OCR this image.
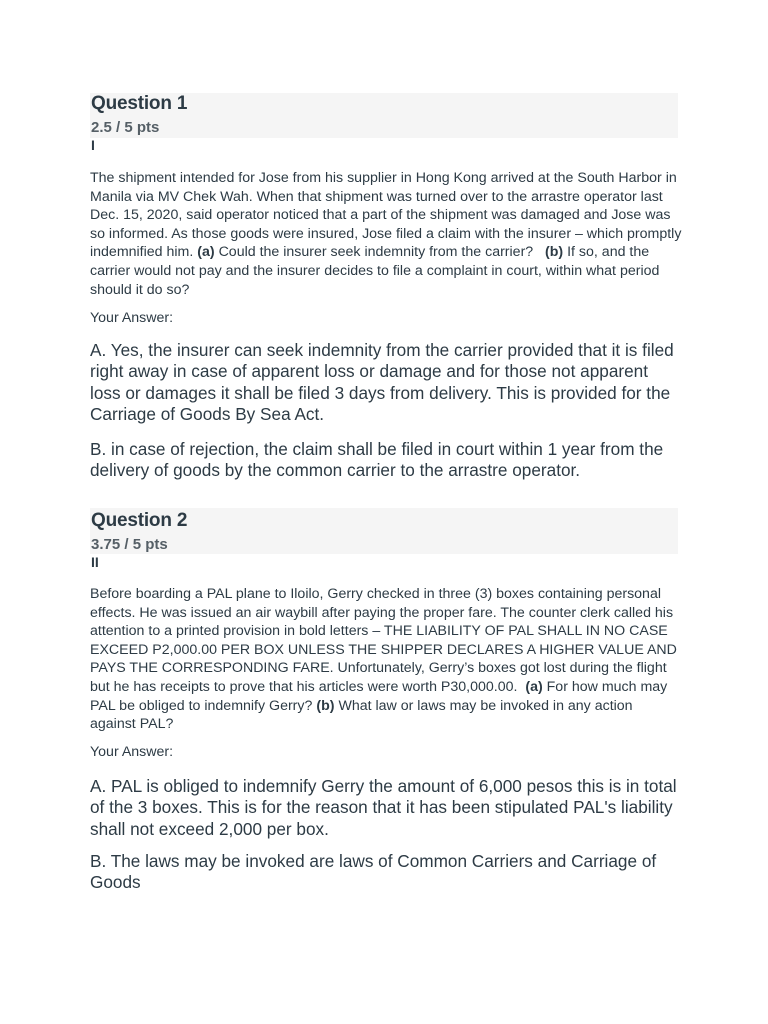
Question 1
2.5 / 5 pts
I
The shipment intended for Jose from his supplier in Hong Kong arrived at the South Harbor in Manila via MV Chek Wah. When that shipment was turned over to the arrastre operator last Dec. 15, 2020, said operator noticed that a part of the shipment was damaged and Jose was so informed. As those goods were insured, Jose filed a claim with the insurer – which promptly indemnified him. (a) Could the insurer seek indemnity from the carrier? (b) If so, and the carrier would not pay and the insurer decides to file a complaint in court, within what period should it do so?
Your Answer:
A. Yes, the insurer can seek indemnity from the carrier provided that it is filed right away in case of apparent loss or damage and for those not apparent loss or damages it shall be filed 3 days from delivery. This is provided for the Carriage of Goods By Sea Act.
B. in case of rejection, the claim shall be filed in court within 1 year from the delivery of goods by the common carrier to the arrastre operator.
Question 2
3.75 / 5 pts
II
Before boarding a PAL plane to Iloilo, Gerry checked in three (3) boxes containing personal effects. He was issued an air waybill after paying the proper fare. The counter clerk called his attention to a printed provision in bold letters – THE LIABILITY OF PAL SHALL IN NO CASE EXCEED P2,000.00 PER BOX UNLESS THE SHIPPER DECLARES A HIGHER VALUE AND PAYS THE CORRESPONDING FARE. Unfortunately, Gerry’s boxes got lost during the flight but he has receipts to prove that his articles were worth P30,000.00. (a) For how much may PAL be obliged to indemnify Gerry? (b) What law or laws may be invoked in any action against PAL?
Your Answer:
A. PAL is obliged to indemnify Gerry the amount of 6,000 pesos this is in total of the 3 boxes. This is for the reason that it has been stipulated PAL's liability shall not exceed 2,000 per box.
B. The laws may be invoked are laws of Common Carriers and Carriage of Goods
